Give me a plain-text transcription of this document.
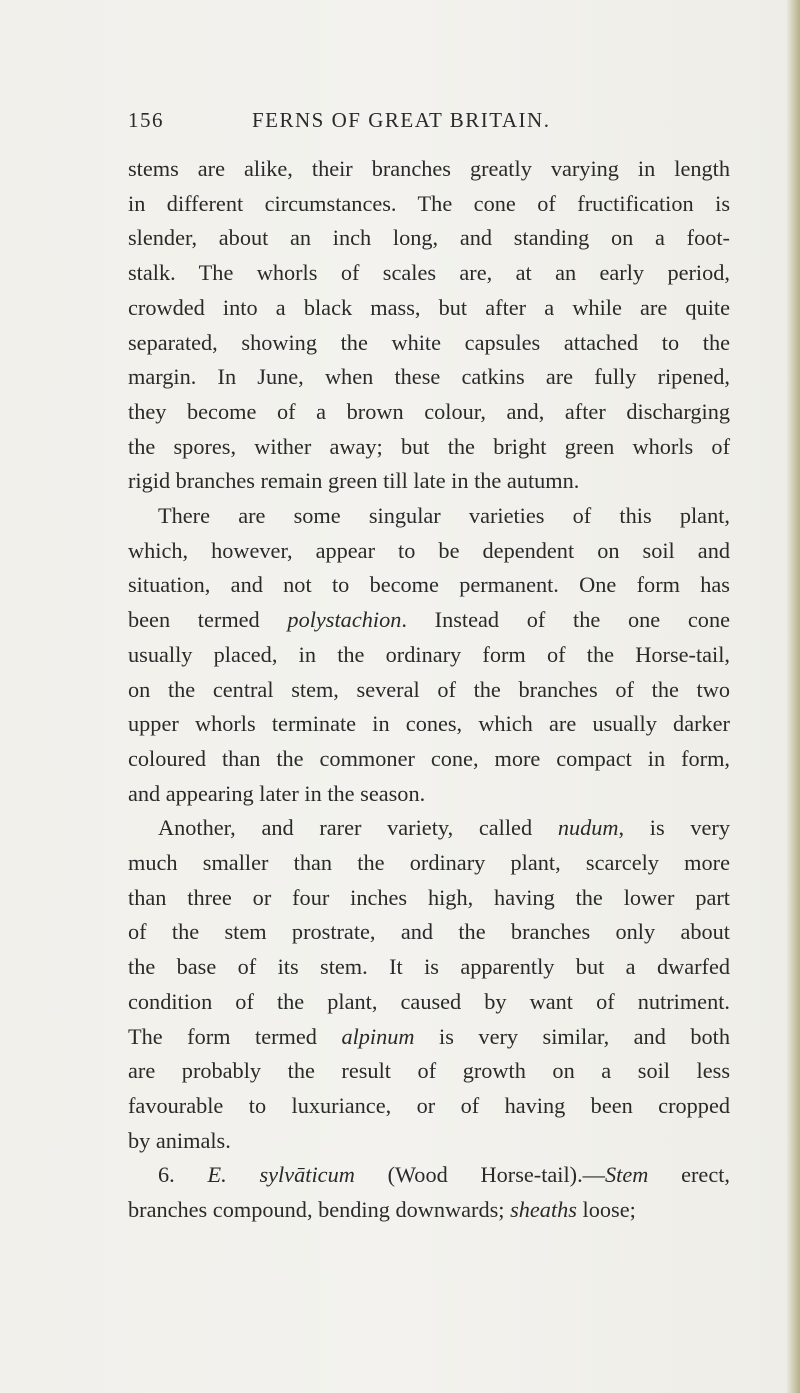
156	FERNS OF GREAT BRITAIN.

stems are alike, their branches greatly varying in length
in different circumstances. The cone of fructification is
slender, about an inch long, and standing on a foot-
stalk. The whorls of scales are, at an early period,
crowded into a black mass, but after a while are quite
separated, showing the white capsules attached to the
margin. In June, when these catkins are fully ripened,
they become of a brown colour, and, after discharging
the spores, wither away; but the bright green whorls of
rigid branches remain green till late in the autumn.

There are some singular varieties of this plant,
which, however, appear to be dependent on soil and
situation, and not to become permanent. One form has
been termed polystachion. Instead of the one cone
usually placed, in the ordinary form of the Horse-tail,
on the central stem, several of the branches of the two
upper whorls terminate in cones, which are usually darker
coloured than the commoner cone, more compact in form,
and appearing later in the season.

Another, and rarer variety, called nudum, is very
much smaller than the ordinary plant, scarcely more
than three or four inches high, having the lower part
of the stem prostrate, and the branches only about
the base of its stem. It is apparently but a dwarfed
condition of the plant, caused by want of nutriment.
The form termed alpinum is very similar, and both
are probably the result of growth on a soil less
favourable to luxuriance, or of having been cropped
by animals.

6. E. sylvāticum (Wood Horse-tail).—Stem erect,
branches compound, bending downwards; sheaths loose;
